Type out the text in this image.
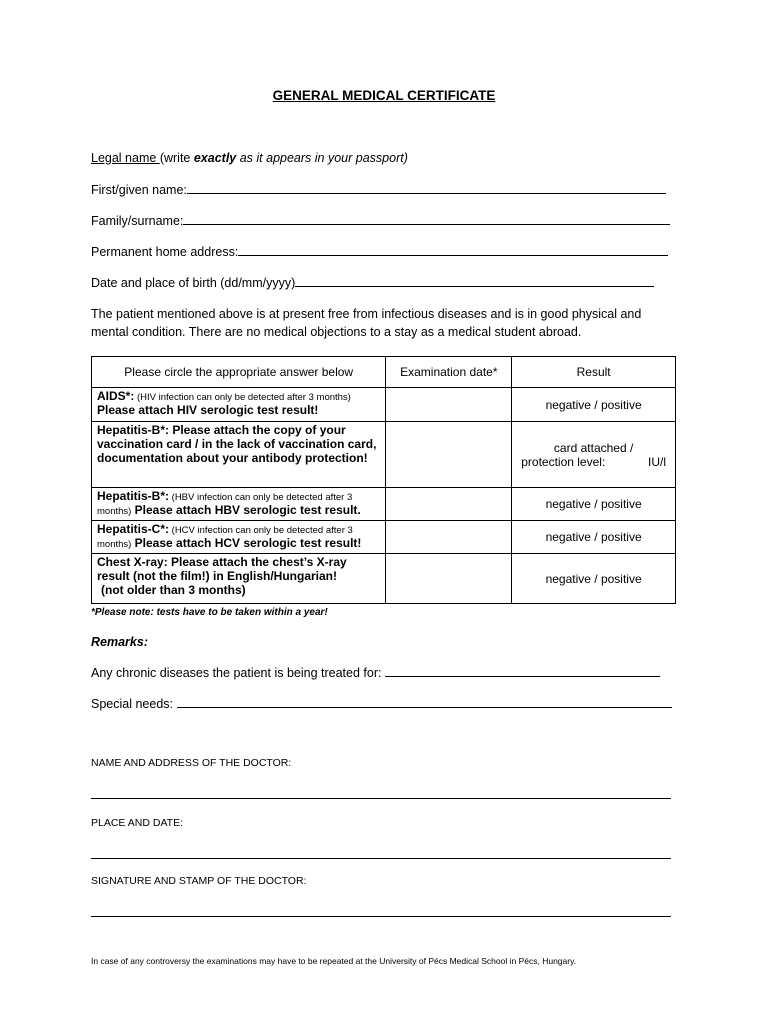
GENERAL MEDICAL CERTIFICATE
Legal name (write exactly as it appears in your passport)
First/given name:
Family/surname:
Permanent home address:
Date and place of birth (dd/mm/yyyy)
The patient mentioned above is at present free from infectious diseases and is in good physical and mental condition. There are no medical objections to a stay as a medical student abroad.
Please circle the appropriate answer below	Examination date*	Result
AIDS*: (HIV infection can only be detected after 3 months) Please attach HIV serologic test result!		negative / positive
Hepatitis-B*: Please attach the copy of your vaccination card / in the lack of vaccination card, documentation about your antibody protection!		card attached /
protection level: IU/l

Hepatitis-B*: (HBV infection can only be detected after 3 months) Please attach HBV serologic test result.		negative / positive
Hepatitis-C*: (HCV infection can only be detected after 3 months) Please attach HCV serologic test result!		negative / positive

Chest X-ray: Please attach the chest’s X-ray result (not the film!) in English/Hungarian!
(not older than 3 months)		negative / positive
*Please note: tests have to be taken within a year!
Remarks:
Any chronic diseases the patient is being treated for:
Special needs:
NAME AND ADDRESS OF THE DOCTOR:
PLACE AND DATE:
SIGNATURE AND STAMP OF THE DOCTOR:
In case of any controversy the examinations may have to be repeated at the University of Pécs Medical School in Pécs, Hungary.
